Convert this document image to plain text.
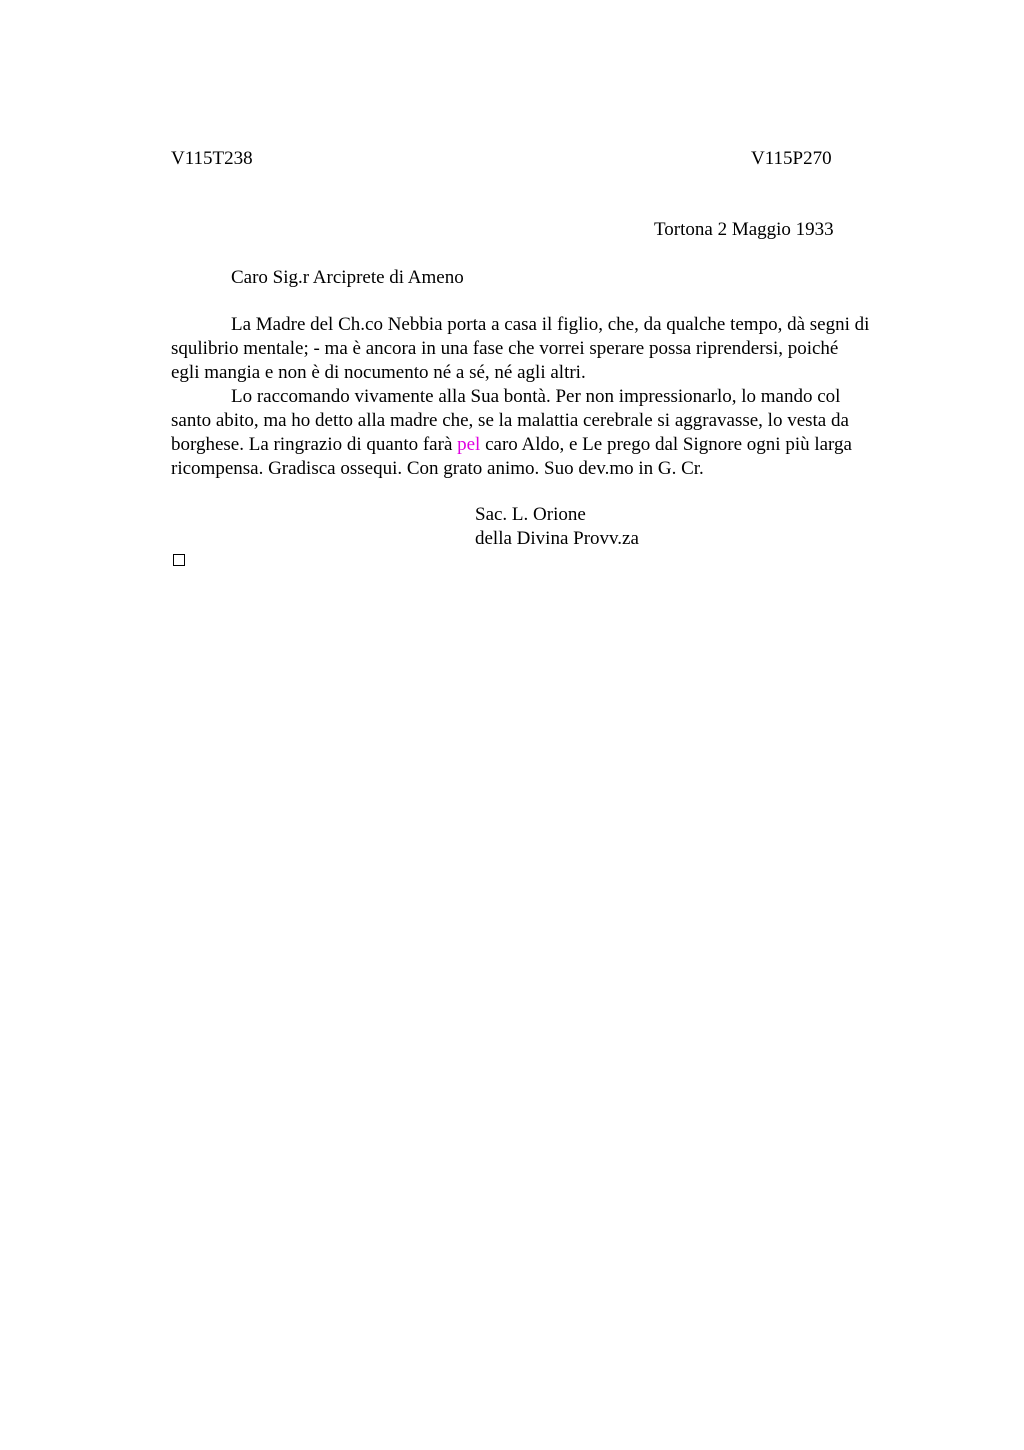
V115T238	V115P270
Tortona 2 Maggio 1933
Caro Sig.r Arciprete di Ameno
La Madre del Ch.co Nebbia porta a casa il figlio, che, da qualche tempo, dà segni di
squlibrio mentale; - ma è ancora in una fase che vorrei sperare possa riprendersi, poiché
egli mangia e non è di nocumento né a sé, né agli altri.
Lo raccomando vivamente alla Sua bontà. Per non impressionarlo, lo mando col
santo abito, ma ho detto alla madre che, se la malattia cerebrale si aggravasse, lo vesta da
borghese. La ringrazio di quanto farà pel caro Aldo, e Le prego dal Signore ogni più larga
ricompensa. Gradisca ossequi. Con grato animo. Suo dev.mo in G. Cr.
Sac. L. Orione
della Divina Provv.za
